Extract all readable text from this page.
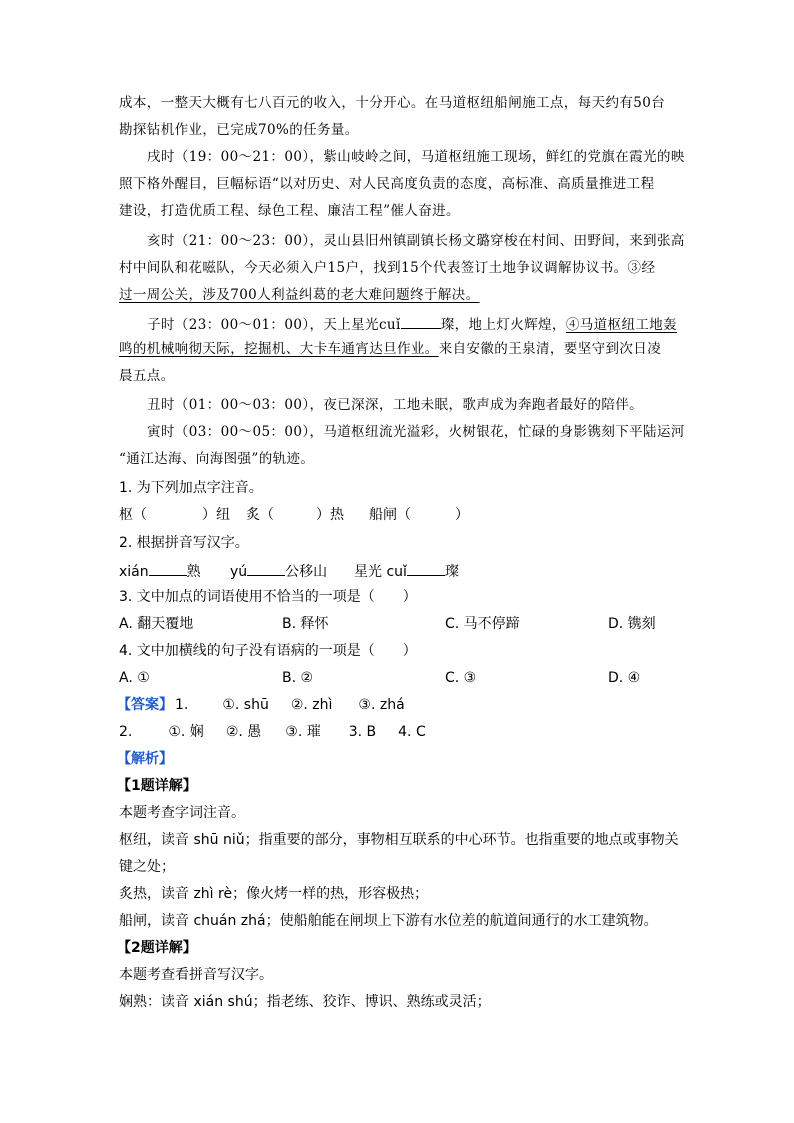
成本，一整天大概有七八百元的收入，十分开心。在马道枢纽船闸施工点，每天约有50台
勘探钻机作业，已完成70%的任务量。
戌时（19：00～21：00），紫山岐岭之间，马道枢纽施工现场，鲜红的党旗在霞光的映
照下格外醒目，巨幅标语“以对历史、对人民高度负责的态度，高标准、高质量推进工程
建设，打造优质工程、绿色工程、廉洁工程”催人奋进。
亥时（21：00～23：00），灵山县旧州镇副镇长杨文璐穿梭在村间、田野间，来到张高
村中间队和花嗞队，今天必须入户15户，找到15个代表签订土地争议调解协议书。③经
过一周公关，涉及700人利益纠葛的老大难问题终于解决。
子时（23：00～01：00），天上星光cuǐ	璨，地上灯火辉煌，④马道枢纽工地轰
鸣的机械响彻天际，挖掘机、大卡车通宵达旦作业。来自安徽的王泉清，要坚守到次日凌
晨五点。
丑时（01：00～03：00），夜已深深，工地未眠，歌声成为奔跑者最好的陪伴。
寅时（03：00～05：00），马道枢纽流光溢彩，火树银花，忙碌的身影镌刻下平陆运河
“通江达海、向海图强”的轨迹。
1. 为下列加点字注音。
枢（	）纽 炙（	）热 船闸（	）
2. 根据拼音写汉字。
xián	熟 yú	公移山 星光 cuǐ	璨
3. 文中加点的词语使用不恰当的一项是（　　）
A. 翻天覆地	B. 释怀	C. 马不停蹄	D. 镌刻
4. 文中加横线的句子没有语病的一项是（　　）
A. ①	B. ②	C. ③	D. ④
【答案】 1. ①. shū ②. zhì ③. zhá
2.	①. 娴 ②. 愚 ③. 璀 3. B 4. C
【解析】
【1题详解】
本题考查字词注音。
枢纽，读音 shū niǔ；指重要的部分，事物相互联系的中心环节。也指重要的地点或事物关
键之处；
炙热，读音 zhì rè；像火烤一样的热，形容极热；
船闸，读音 chuán zhá；使船舶能在闸坝上下游有水位差的航道间通行的水工建筑物。
【2题详解】
本题考查看拼音写汉字。
娴熟：读音 xián shú；指老练、狡诈、博识、熟练或灵活；
